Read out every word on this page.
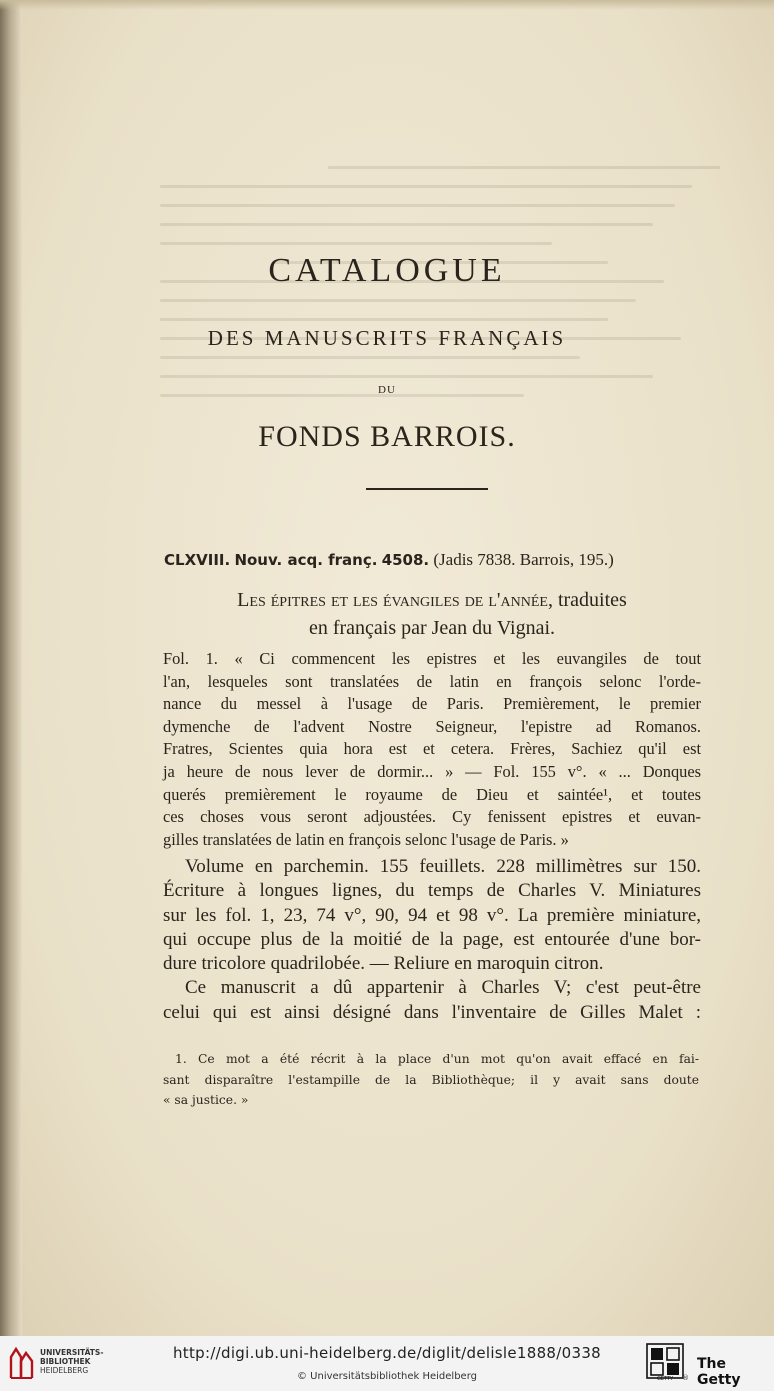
CATALOGUE
DES MANUSCRITS FRANÇAIS
DU
FONDS BARROIS.
CLXVIII. Nouv. acq. franç. 4508. (Jadis 7838. Barrois, 195.)
Les épitres et les évangiles de l'année, traduites
en français par Jean du Vignai.
Fol. 1. « Ci commencent les epistres et les euvangiles de tout
l'an, lesqueles sont translatées de latin en françois selonc l'orde-
nance du messel à l'usage de Paris. Premièrement, le premier
dymenche de l'advent Nostre Seigneur, l'epistre ad Romanos.
Fratres, Scientes quia hora est et cetera. Frères, Sachiez qu'il est
ja heure de nous lever de dormir... » — Fol. 155 v°. « ... Donques
querés premièrement le royaume de Dieu et saintée¹, et toutes
ces choses vous seront adjoustées. Cy fenissent epistres et euvan-
gilles translatées de latin en françois selonc l'usage de Paris. »
Volume en parchemin. 155 feuillets. 228 millimètres sur 150.
Écriture à longues lignes, du temps de Charles V. Miniatures
sur les fol. 1, 23, 74 v°, 90, 94 et 98 v°. La première miniature,
qui occupe plus de la moitié de la page, est entourée d'une bor-
dure tricolore quadrilobée. — Reliure en maroquin citron.
Ce manuscrit a dû appartenir à Charles V; c'est peut-être
celui qui est ainsi désigné dans l'inventaire de Gilles Malet :
1. Ce mot a été récrit à la place d'un mot qu'on avait effacé en fai-
sant disparaître l'estampille de la Bibliothèque; il y avait sans doute
« sa justice. »
UNIVERSITÄTS-
BIBLIOTHEK
HEIDELBERG
http://digi.ub.uni-heidelberg.de/diglit/delisle1888/0338
© Universitätsbibliothek Heidelberg	GETTY ®
The Getty
